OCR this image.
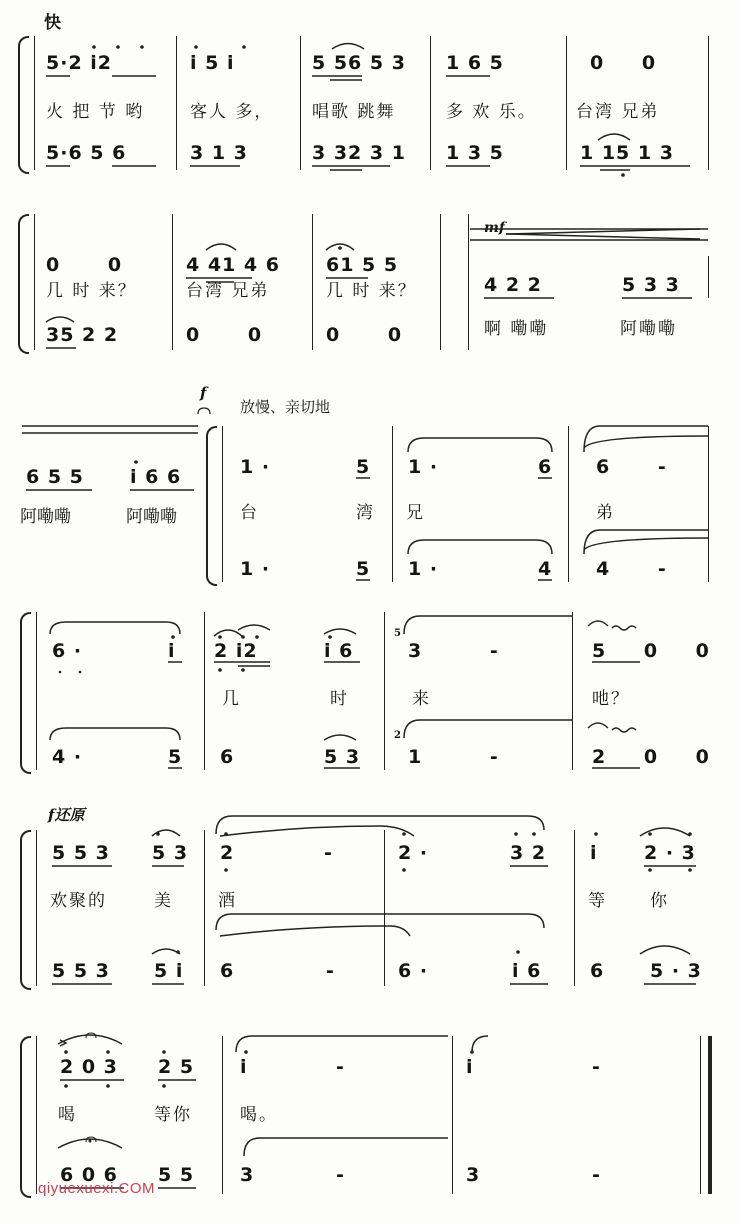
快
5·2 i2	i 5 i	5 56 5 3 1 6 5	0 0
火 把 节 哟	客人 多， 唱歌 跳舞	多 欢 乐。 台湾 兄弟
5·6 5 6	3 1 3	3 32 3 1 1 3 5	1 15 1 3
mf
0 0	4 41 4 6 61 5 5
4 2 2	5 3 3
几 时 来？	台湾 兄弟	几 时 来？
啊 嘞嘞	阿嘞嘞
35 2 2	0 0	0 0
f
放慢、亲切地
6 5 5 i 6 6
阿嘞嘞	阿嘞嘞
1 ·	5 1 ·	6 6 -
台	湾 兄	弟
1 ·	5 1 ·	4 4 -
6 ·	i 2 i2	i 6
5
3 -	5 0 0
几	时	来	吔？
4 ·	5 6	5 3
2
1 -	2 0 0
f还原
5 5 3 5 3 2	-	2 ·	3 2 i 2 · 3
欢聚的	美	酒	等	你
5 5 3 5 i 6	-	6 ·	i 6	6 5 · 3
2 0 3 2 5 i	-	i	-
喝	等你	喝。
6 0 6 5 5 3	-	3	-
qiyuexuexi.COM
